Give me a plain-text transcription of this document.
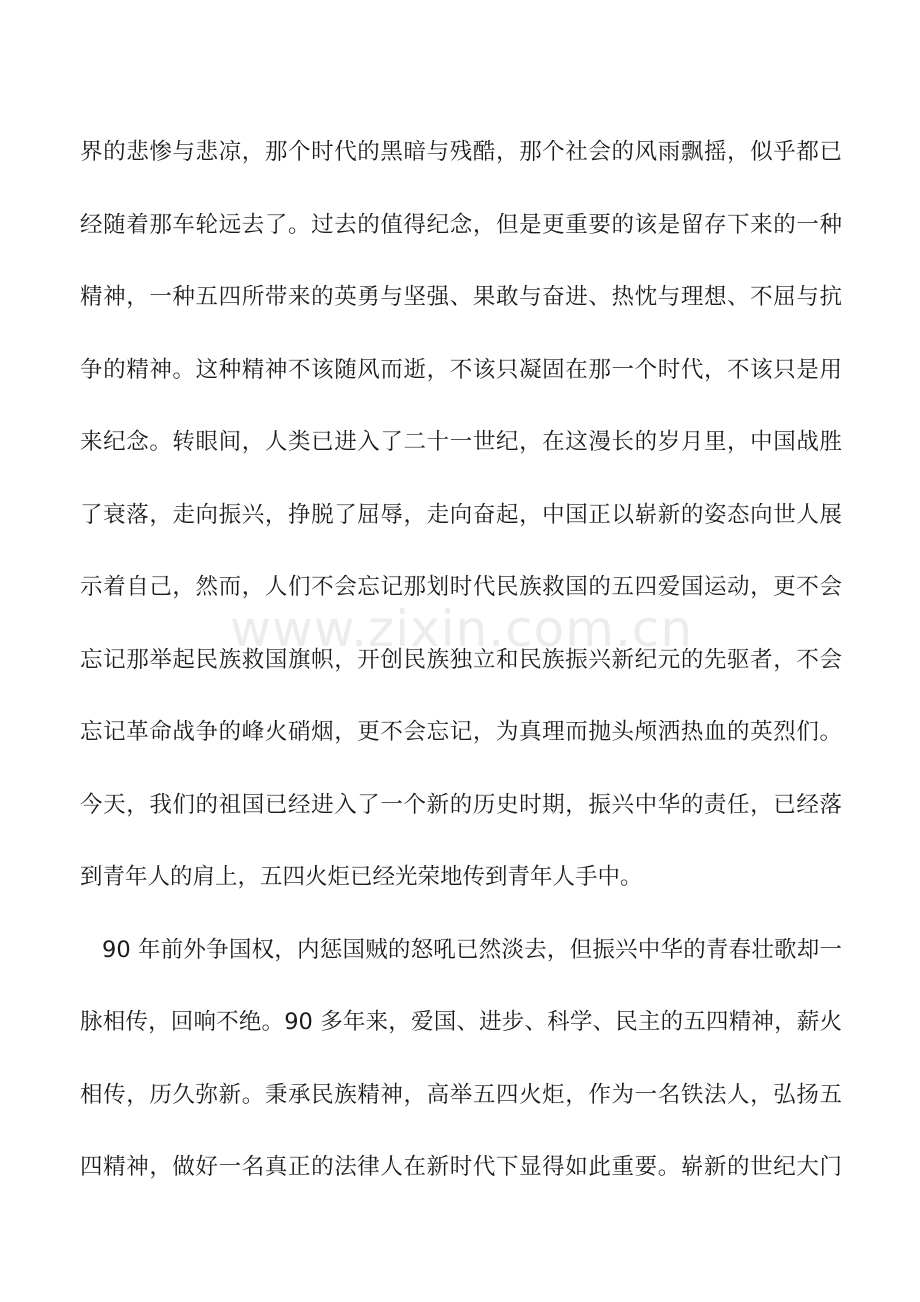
www.zixin.com.cn
界的悲惨与悲凉，那个时代的黑暗与残酷，那个社会的风雨飘摇，似乎都已
经随着那车轮远去了。过去的值得纪念，但是更重要的该是留存下来的一种
精神，一种五四所带来的英勇与坚强、果敢与奋进、热忱与理想、不屈与抗
争的精神。这种精神不该随风而逝，不该只凝固在那一个时代，不该只是用
来纪念。转眼间，人类已进入了二十一世纪，在这漫长的岁月里，中国战胜
了衰落，走向振兴，挣脱了屈辱，走向奋起，中国正以崭新的姿态向世人展
示着自己，然而，人们不会忘记那划时代民族救国的五四爱国运动，更不会
忘记那举起民族救国旗帜，开创民族独立和民族振兴新纪元的先驱者，不会
忘记革命战争的峰火硝烟，更不会忘记，为真理而抛头颅洒热血的英烈们。
今天，我们的祖国已经进入了一个新的历史时期，振兴中华的责任，已经落
到青年人的肩上，五四火炬已经光荣地传到青年人手中。
90 年前外争国权，内惩国贼的怒吼已然淡去，但振兴中华的青春壮歌却一
脉相传，回响不绝。90 多年来，爱国、进步、科学、民主的五四精神，薪火
相传，历久弥新。秉承民族精神，高举五四火炬，作为一名铁法人，弘扬五
四精神，做好一名真正的法律人在新时代下显得如此重要。崭新的世纪大门
